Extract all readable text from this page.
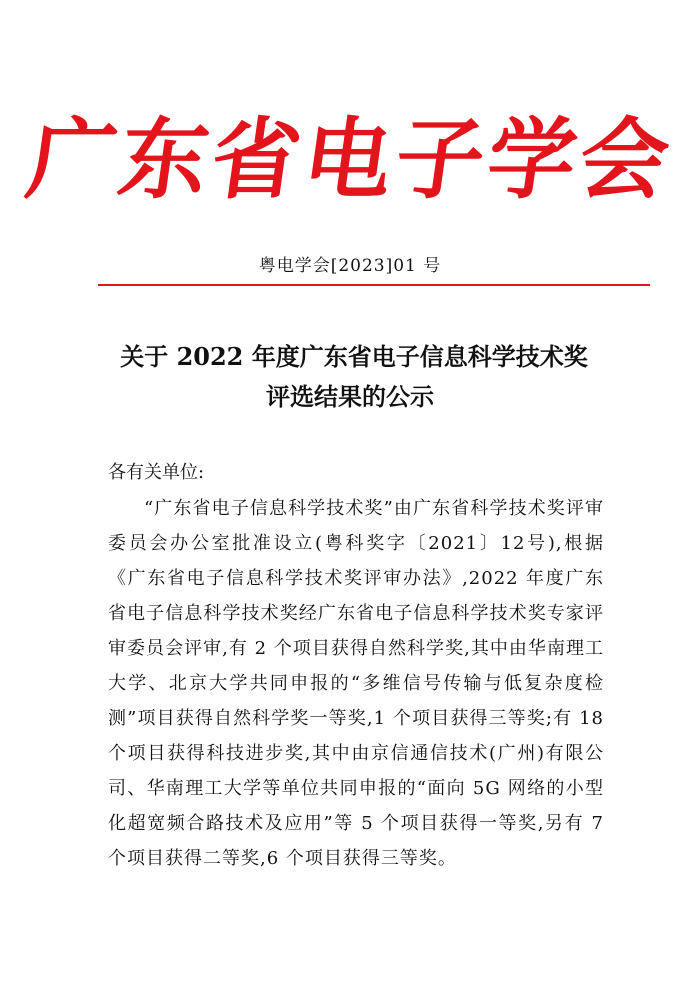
广东省电子学会
粤电学会[2023]01 号
关于 2022 年度广东省电子信息科学技术奖
评选结果的公示
各有关单位:

“广东省电子信息科学技术奖”由广东省科学技术奖评审委员会办公室批准设立(粤科奖字〔2021〕12号),根据《广东省电子信息科学技术奖评审办法》,2022 年度广东省电子信息科学技术奖经广东省电子信息科学技术奖专家评审委员会评审,有 2 个项目获得自然科学奖,其中由华南理工大学、北京大学共同申报的“多维信号传输与低复杂度检测”项目获得自然科学奖一等奖,1 个项目获得三等奖;有 18 个项目获得科技进步奖,其中由京信通信技术(广州)有限公司、华南理工大学等单位共同申报的“面向 5G 网络的小型化超宽频合路技术及应用”等 5 个项目获得一等奖,另有 7 个项目获得二等奖,6 个项目获得三等奖。
